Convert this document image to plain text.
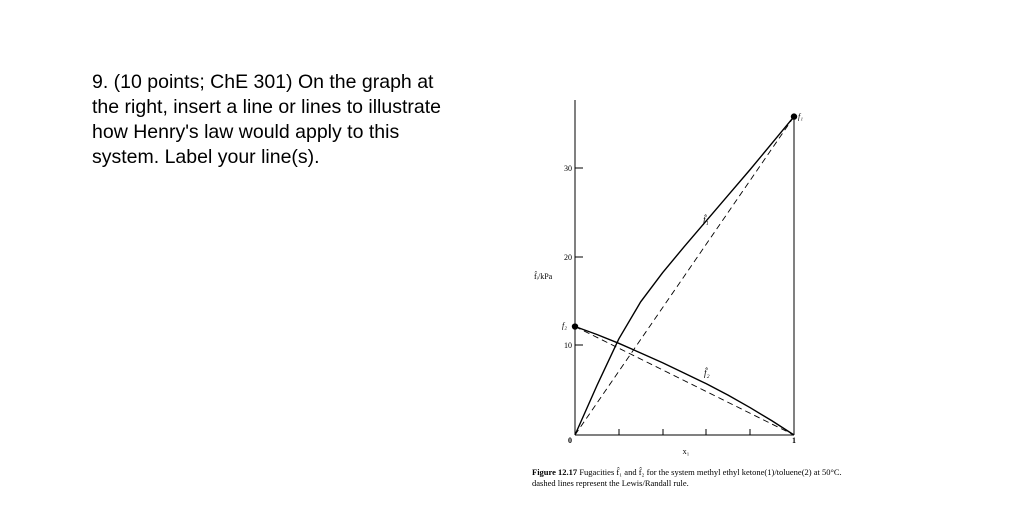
9. (10 points; ChE 301) On the graph at
the right, insert a line or lines to illustrate
how Henry's law would apply to this
system. Label your line(s).
10
20
30
0	1
f̂ᵢ/kPa
x₁
f₁
f₂
f̂₁
f̂₂
Figure 12.17 Fugacities f̂₁ and f̂₂ for the system methyl ethyl ketone(1)/toluene(2) at 50°C.
dashed lines represent the Lewis/Randall rule.
